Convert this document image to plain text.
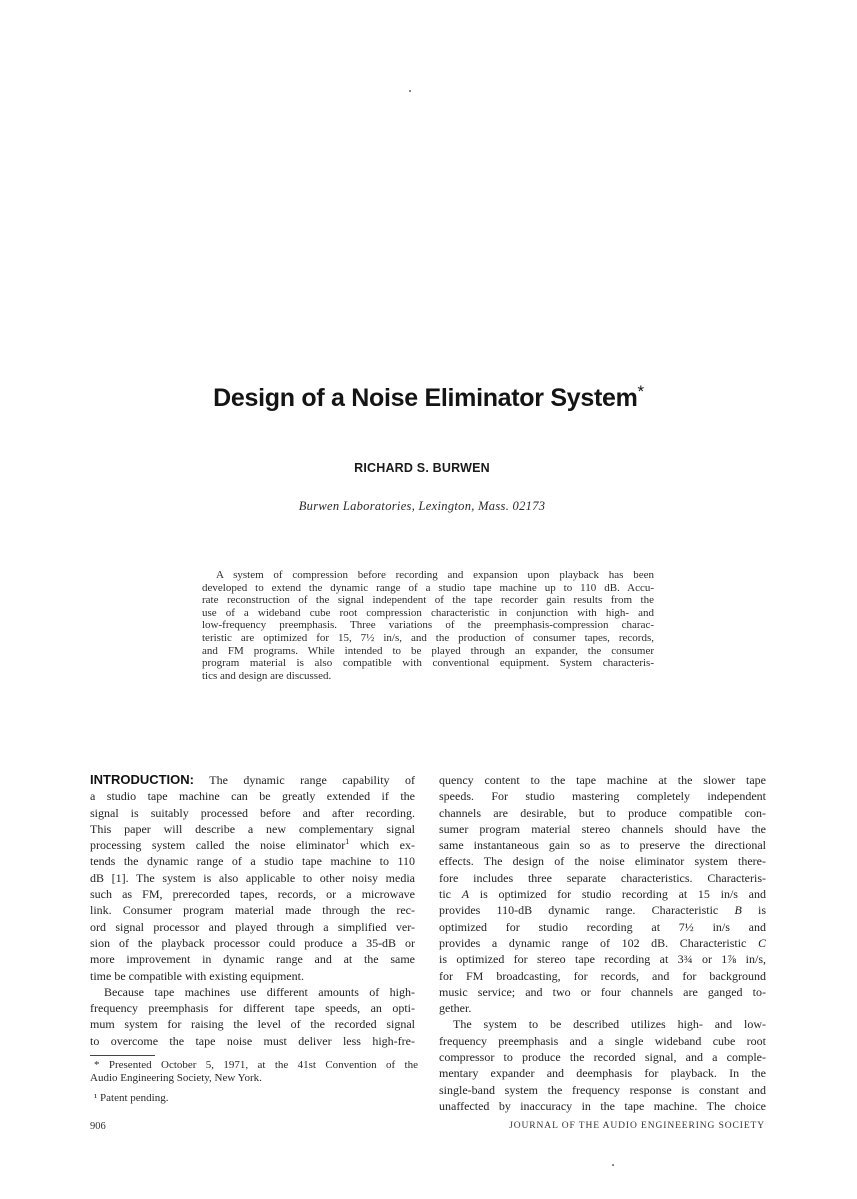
Design of a Noise Eliminator System*
RICHARD S. BURWEN
Burwen Laboratories, Lexington, Mass. 02173
A system of compression before recording and expansion upon playback has been
developed to extend the dynamic range of a studio tape machine up to 110 dB. Accu-
rate reconstruction of the signal independent of the tape recorder gain results from the
use of a wideband cube root compression characteristic in conjunction with high- and
low-frequency preemphasis. Three variations of the preemphasis-compression charac-
teristic are optimized for 15, 7½ in/s, and the production of consumer tapes, records,
and FM programs. While intended to be played through an expander, the consumer
program material is also compatible with conventional equipment. System characteris-
tics and design are discussed.
INTRODUCTION: The dynamic range capability of
a studio tape machine can be greatly extended if the
signal is suitably processed before and after recording.
This paper will describe a new complementary signal
processing system called the noise eliminator$^1$ which ex-
tends the dynamic range of a studio tape machine to 110
dB [1]. The system is also applicable to other noisy media
such as FM, prerecorded tapes, records, or a microwave
link. Consumer program material made through the rec-
ord signal processor and played through a simplified ver-
sion of the playback processor could produce a 35-dB or
more improvement in dynamic range and at the same
time be compatible with existing equipment.
Because tape machines use different amounts of high-
frequency preemphasis for different tape speeds, an opti-
mum system for raising the level of the recorded signal
to overcome the tape noise must deliver less high-fre-
quency content to the tape machine at the slower tape
speeds. For studio mastering completely independent
channels are desirable, but to produce compatible con-
sumer program material stereo channels should have the
same instantaneous gain so as to preserve the directional
effects. The design of the noise eliminator system there-
fore includes three separate characteristics. Characteris-
tic A is optimized for studio recording at 15 in/s and
provides 110-dB dynamic range. Characteristic B is
optimized for studio recording at 7½ in/s and
provides a dynamic range of 102 dB. Characteristic C
is optimized for stereo tape recording at 3¾ or 1⅞ in/s,
for FM broadcasting, for records, and for background
music service; and two or four channels are ganged to-
gether.
The system to be described utilizes high- and low-
frequency preemphasis and a single wideband cube root
compressor to produce the recorded signal, and a comple-
mentary expander and deemphasis for playback. In the
single-band system the frequency response is constant and
unaffected by inaccuracy in the tape machine. The choice
* Presented October 5, 1971, at the 41st Convention of the
Audio Engineering Society, New York.
¹ Patent pending.
906	JOURNAL OF THE AUDIO ENGINEERING SOCIETY
